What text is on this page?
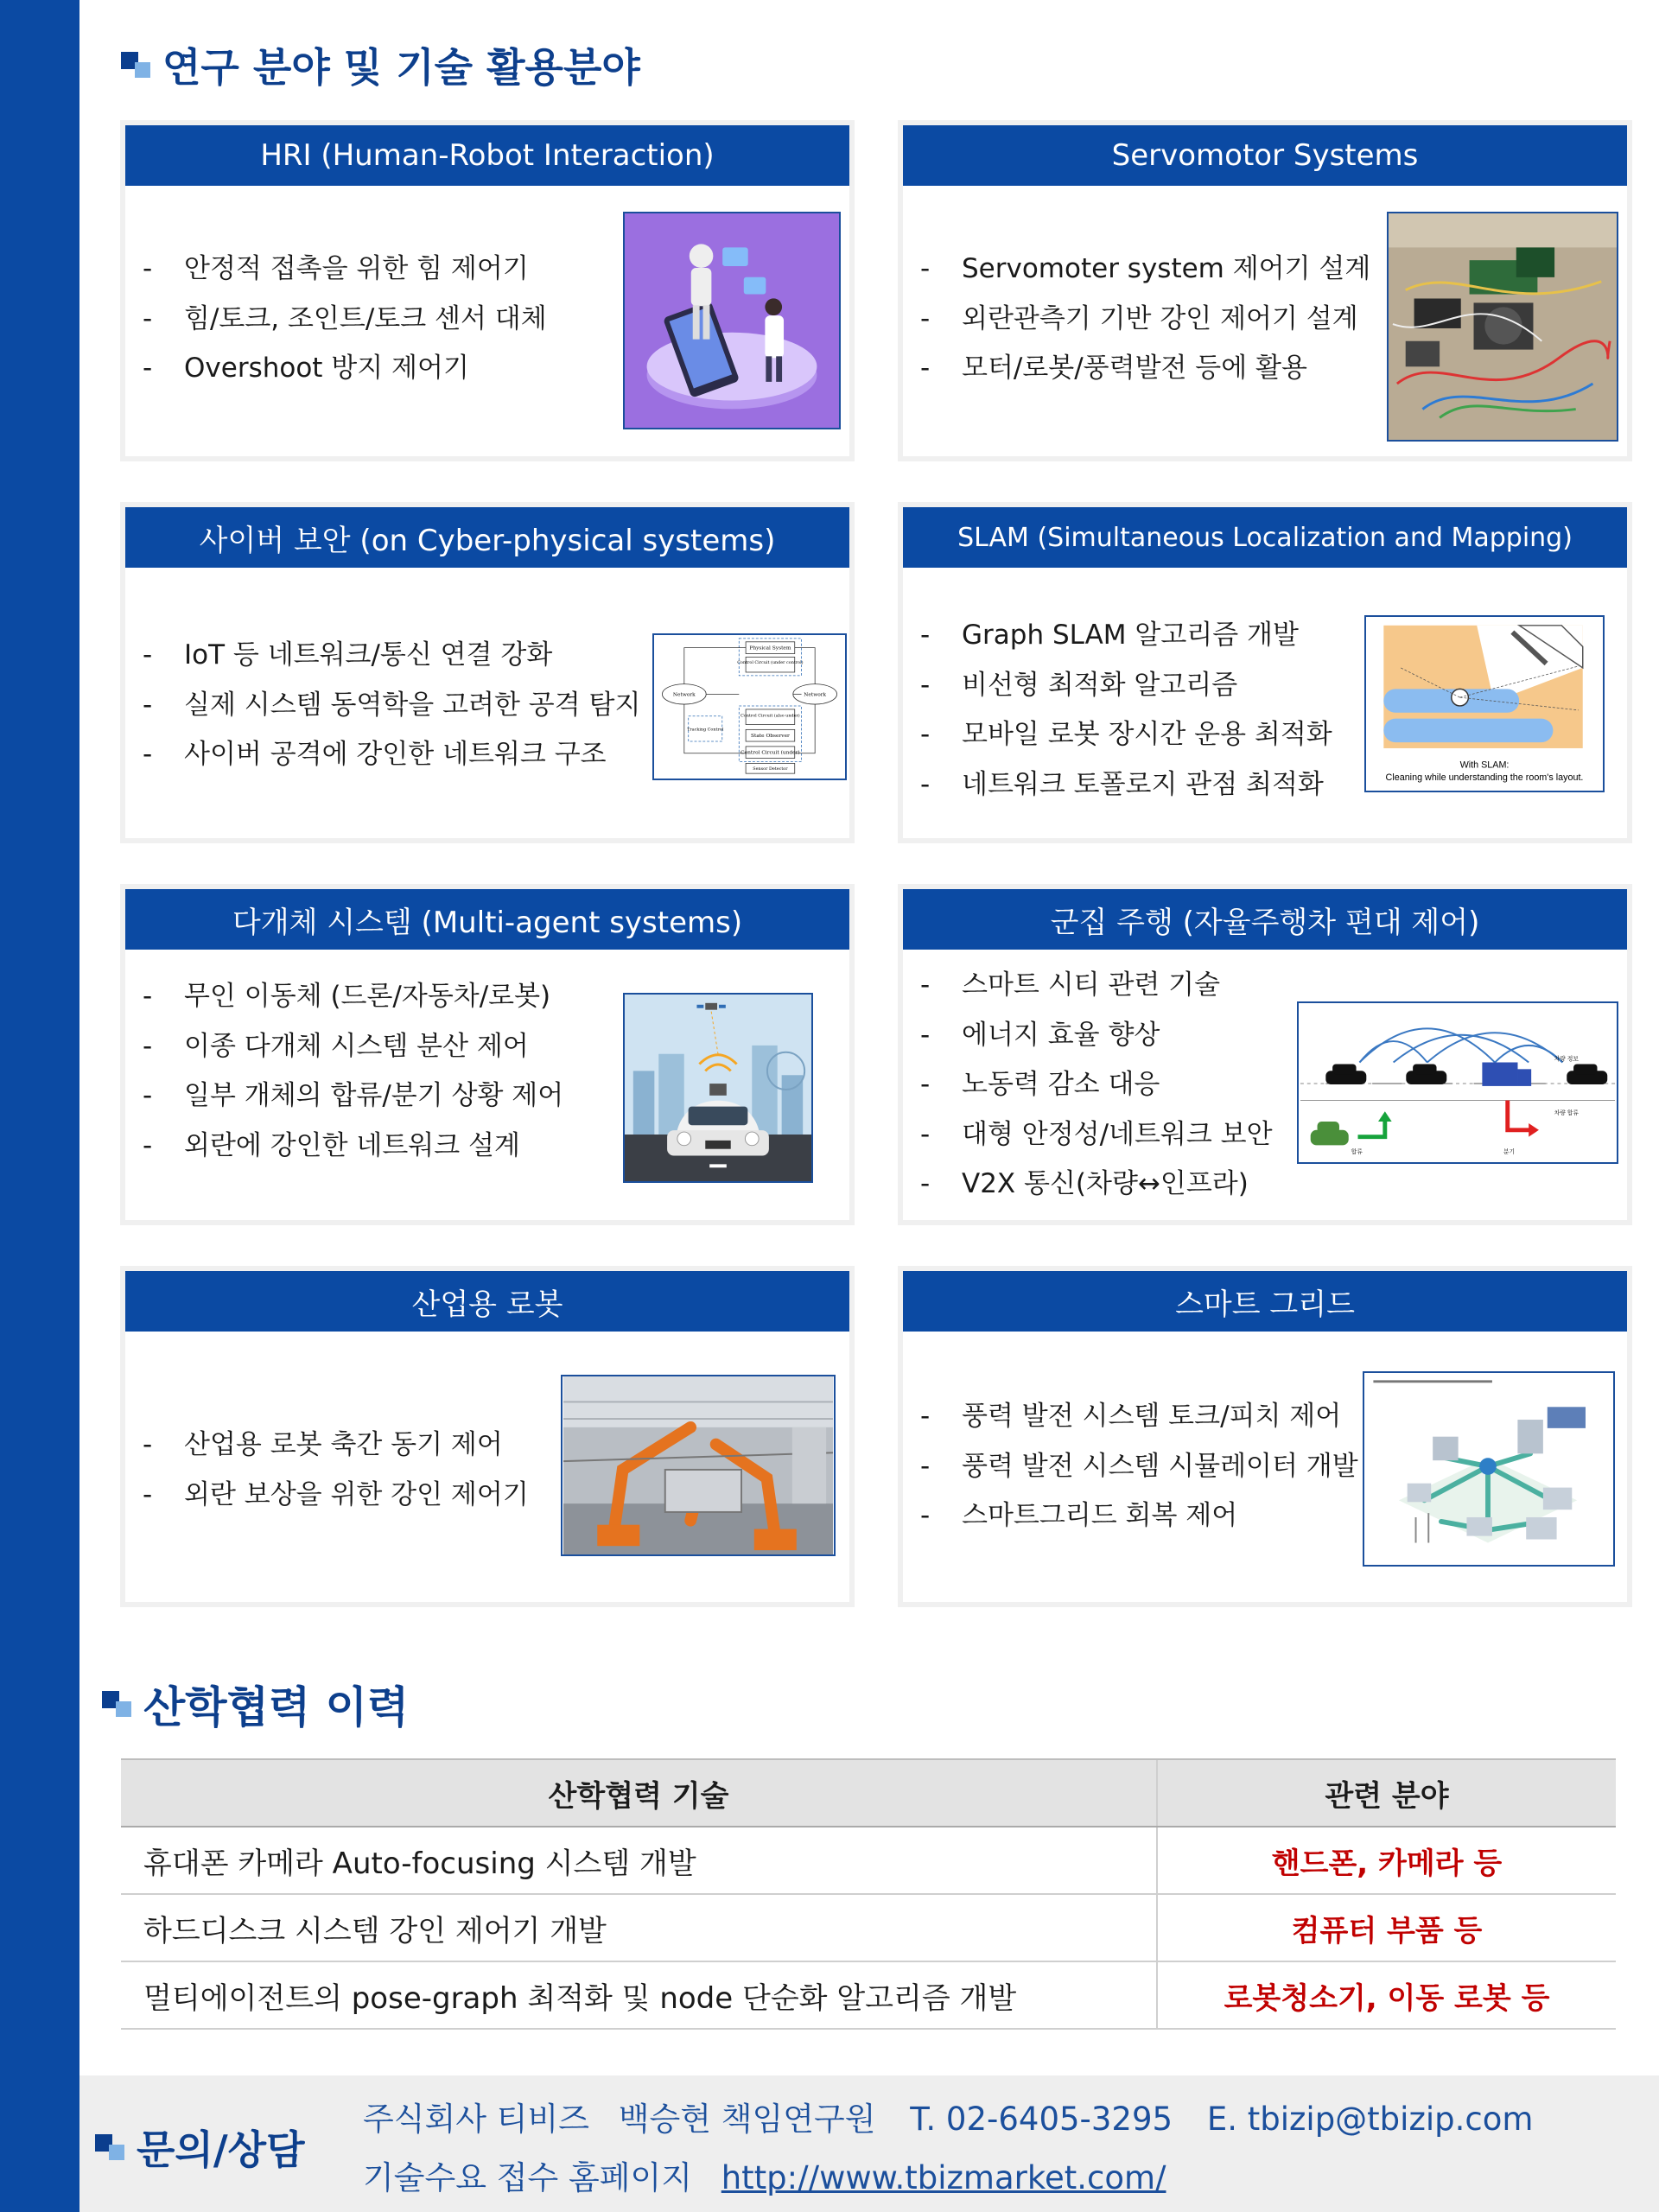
연구 분야 및 기술 활용분야
HRI (Human-Robot Interaction)
-	안정적 접촉을 위한 힘 제어기
-	힘/토크, 조인트/토크 센서 대체
-	Overshoot 방지 제어기
Servomotor Systems
-	Servomoter system 제어기 설계
-	외란관측기 기반 강인 제어기 설계
-	모터/로봇/풍력발전 등에 활용
사이버 보안 (on Cyber-physical systems)
-	IoT 등 네트워크/통신 연결 강화
-	실제 시스템 동역학을 고려한 공격 탐지
-	사이버 공격에 강인한 네트워크 구조
Physical System
Control Circuit (under control)
Network	Network
Control Circuit (also under)
State Observer
Control Circuit (under)
Tracking Control
Sensor Detector
SLAM (Simultaneous Localization and Mapping)
-	Graph SLAM 알고리즘 개발
-	비선형 최적화 알고리즘
-	모바일 로봇 장시간 운용 최적화
-	네트워크 토폴로지 관점 최적화
With SLAM:
Cleaning while understanding the room's layout.
다개체 시스템 (Multi-agent systems)
-	무인 이동체 (드론/자동차/로봇)
-	이종 다개체 시스템 분산 제어
-	일부 개체의 합류/분기 상황 제어
-	외란에 강인한 네트워크 설계
군집 주행 (자율주행차 편대 제어)
-	스마트 시티 관련 기술
-	에너지 효율 향상
-	노동력 감소 대응
-	대형 안정성/네트워크 보안
-	V2X 통신(차량↔인프라)
차량 정보
차량 합류
합류	분기
산업용 로봇
-	산업용 로봇 축간 동기 제어
-	외란 보상을 위한 강인 제어기
스마트 그리드
-	풍력 발전 시스템 토크/피치 제어
-	풍력 발전 시스템 시뮬레이터 개발
-	스마트그리드 회복 제어
산학협력 이력
산학협력 기술	관련 분야
휴대폰 카메라 Auto-focusing 시스템 개발	핸드폰, 카메라 등
하드디스크 시스템 강인 제어기 개발	컴퓨터 부품 등
멀티에이전트의 pose-graph 최적화 및 node 단순화 알고리즘 개발	로봇청소기, 이동 로봇 등
문의/상담
주식회사 티비즈 백승현 책임연구원 T. 02-6405-3295 E. tbizip@tbizip.com
기술수요 접수 홈페이지 http://www.tbizmarket.com/
